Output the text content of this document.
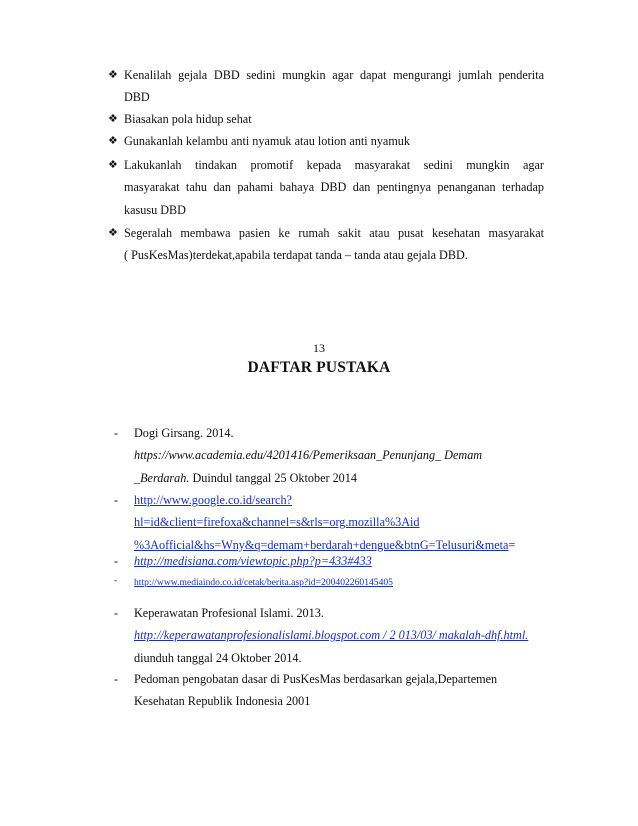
❖ Kenalilah gejala DBD sedini mungkin agar dapat mengurangi jumlah penderita
DBD
❖ Biasakan pola hidup sehat
❖ Gunakanlah kelambu anti nyamuk atau lotion anti nyamuk
❖ Lakukanlah tindakan promotif kepada masyarakat sedini mungkin agar
masyarakat tahu dan pahami bahaya DBD dan pentingnya penanganan terhadap
kasusu DBD
❖ Segeralah membawa pasien ke rumah sakit atau pusat kesehatan masyarakat
( PusKesMas)terdekat,apabila terdapat tanda – tanda atau gejala DBD.
13
DAFTAR PUSTAKA
- Dogi Girsang. 2014.
https://www.academia.edu/4201416/Pemeriksaan_Penunjang_ Demam
_Berdarah. Duindul tanggal 25 Oktober 2014
- http://www.google.co.id/search?
hl=id&client=firefoxa&channel=s&rls=org.mozilla%3Aid
%3Aofficial&hs=Wny&q=demam+berdarah+dengue&btnG=Telusuri&meta=
- http://medisiana.com/viewtopic.php?p=433#433
- http://www.mediaindo.co.id/cetak/berita.asp?id=200402260145405
- Keperawatan Profesional Islami. 2013.
http://keperawatanprofesionalislami.blogspot.com / 2 013/03/ makalah-dhf.html.
diunduh tanggal 24 Oktober 2014.
- Pedoman pengobatan dasar di PusKesMas berdasarkan gejala,Departemen
Kesehatan Republik Indonesia 2001
